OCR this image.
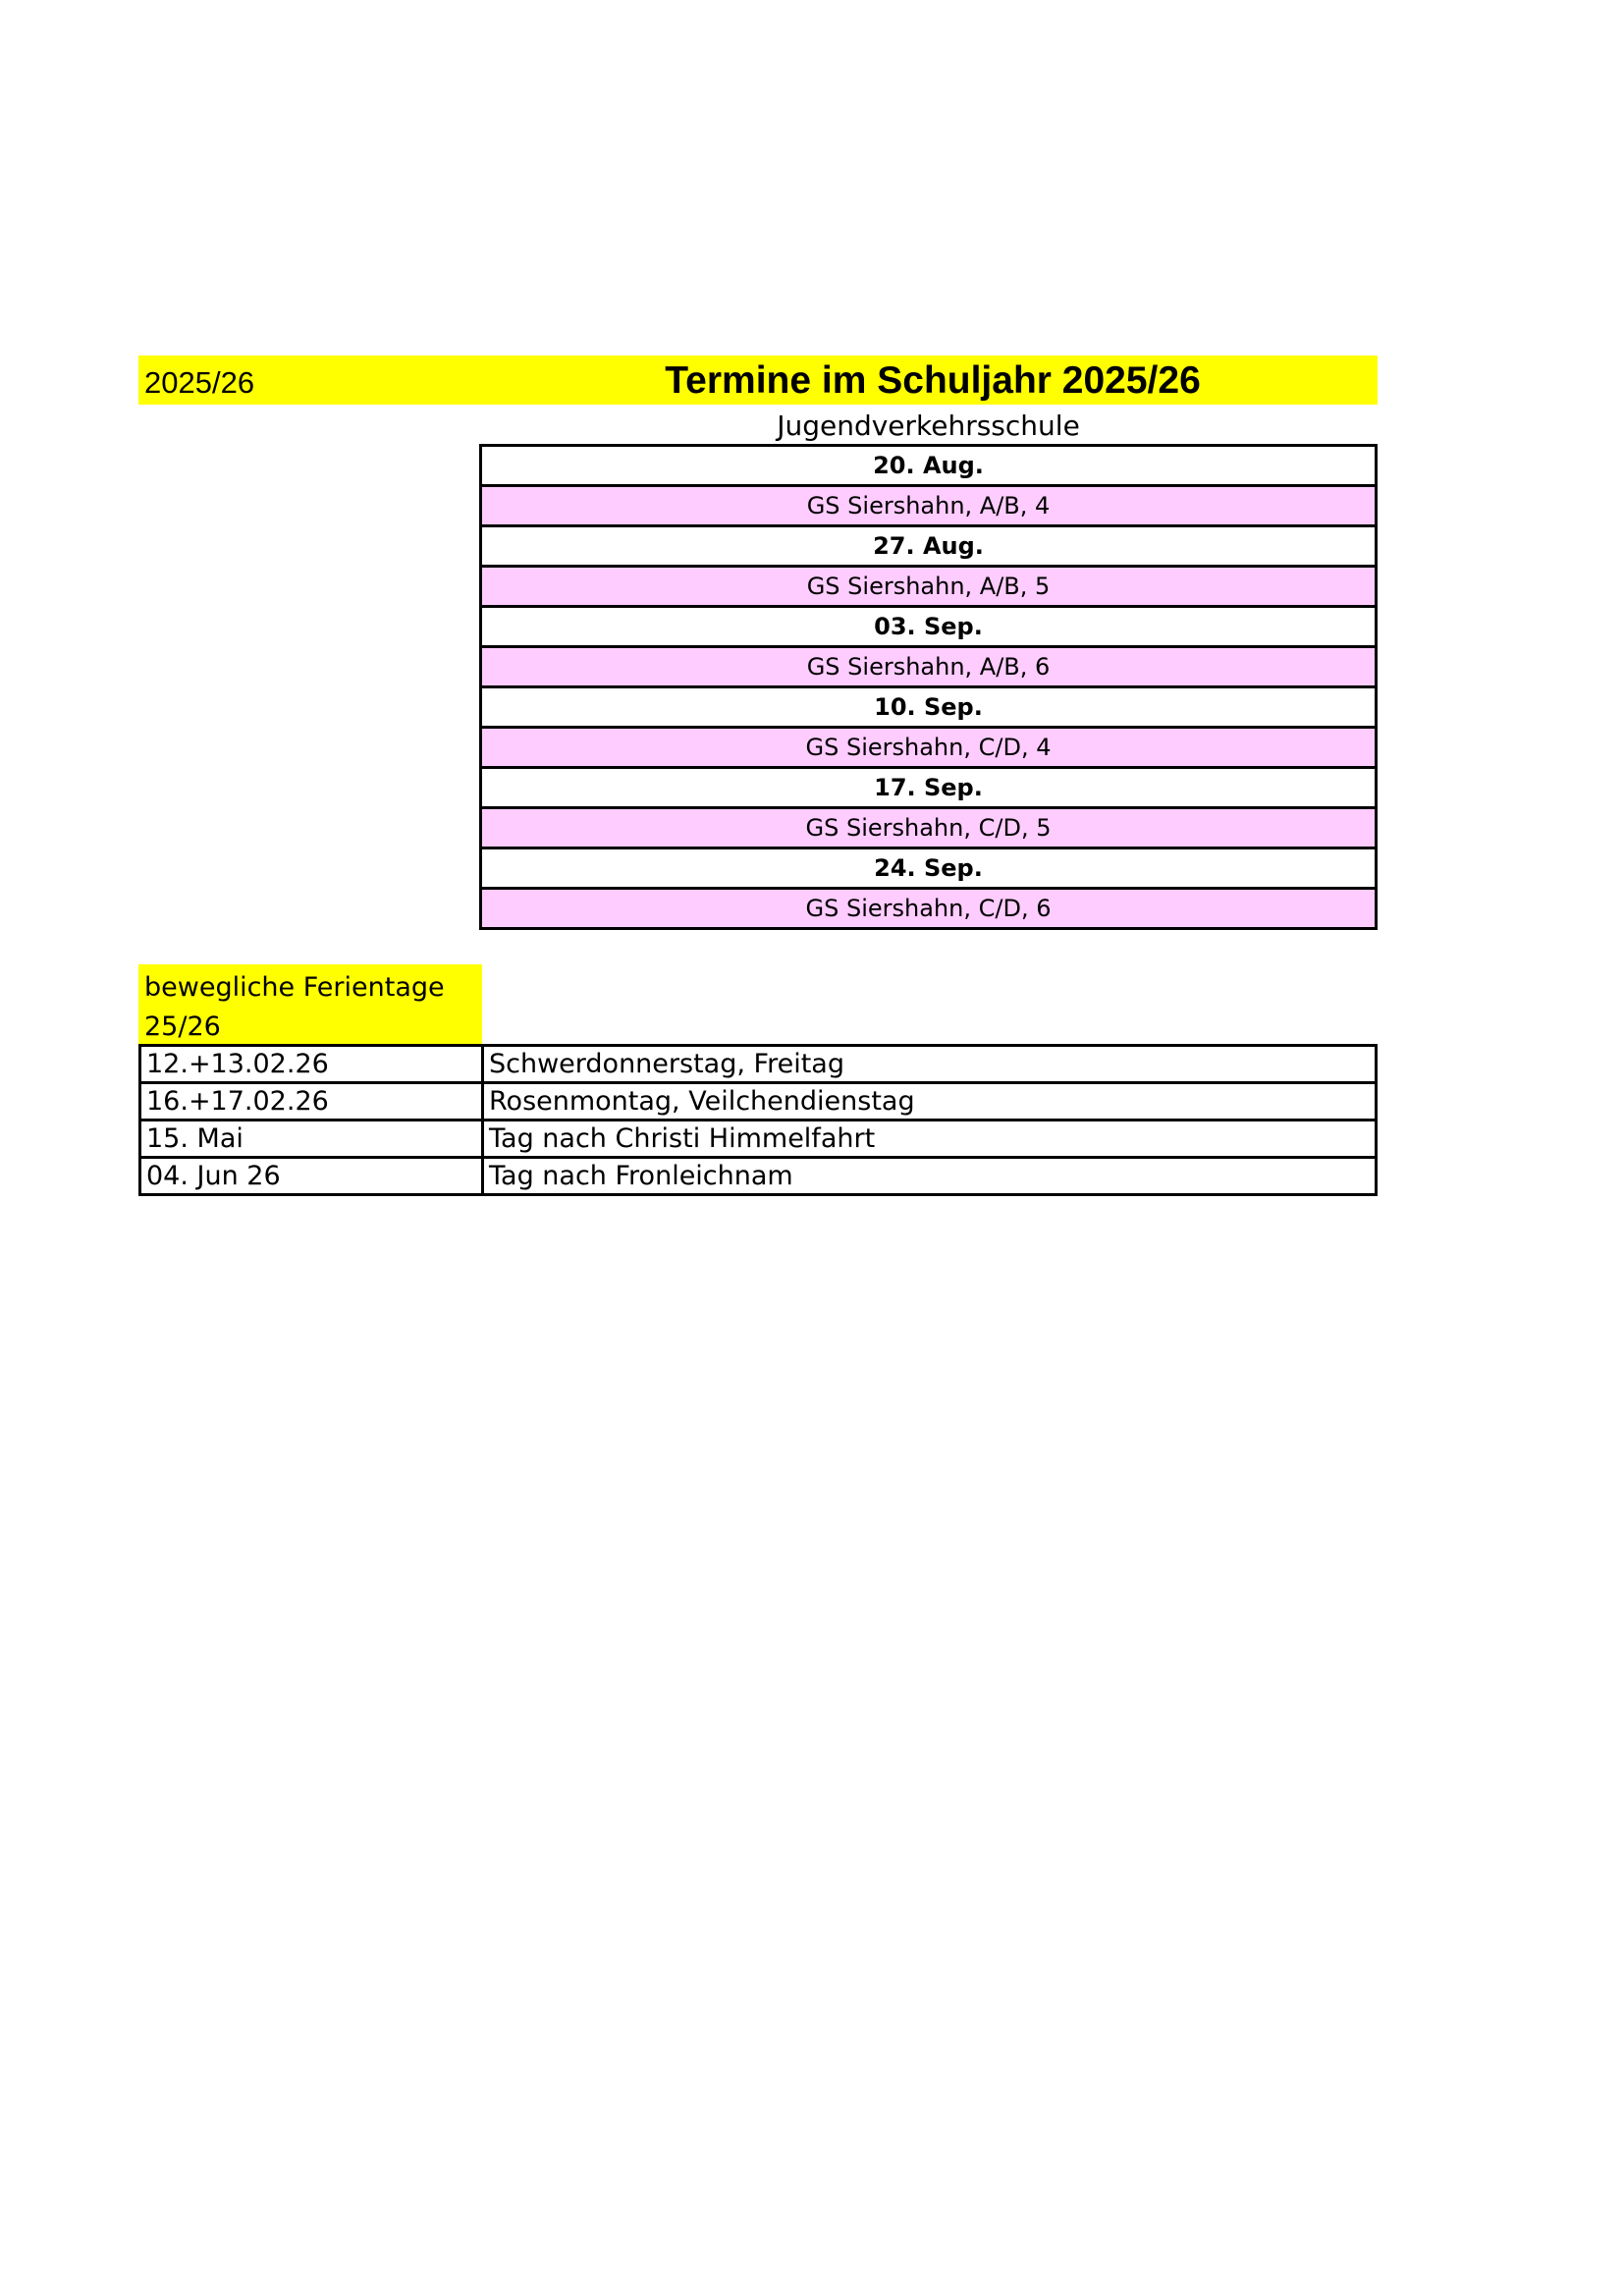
2025/26	Termine im Schuljahr 2025/26
Jugendverkehrsschule
20. Aug.
GS Siershahn, A/B, 4
27. Aug.
GS Siershahn, A/B, 5
03. Sep.
GS Siershahn, A/B, 6
10. Sep.
GS Siershahn, C/D, 4
17. Sep.
GS Siershahn, C/D, 5
24. Sep.
GS Siershahn, C/D, 6
bewegliche Ferientage
25/26
12.+13.02.26	Schwerdonnerstag, Freitag
16.+17.02.26	Rosenmontag, Veilchendienstag
15. Mai	Tag nach Christi Himmelfahrt
04. Jun 26	Tag nach Fronleichnam
